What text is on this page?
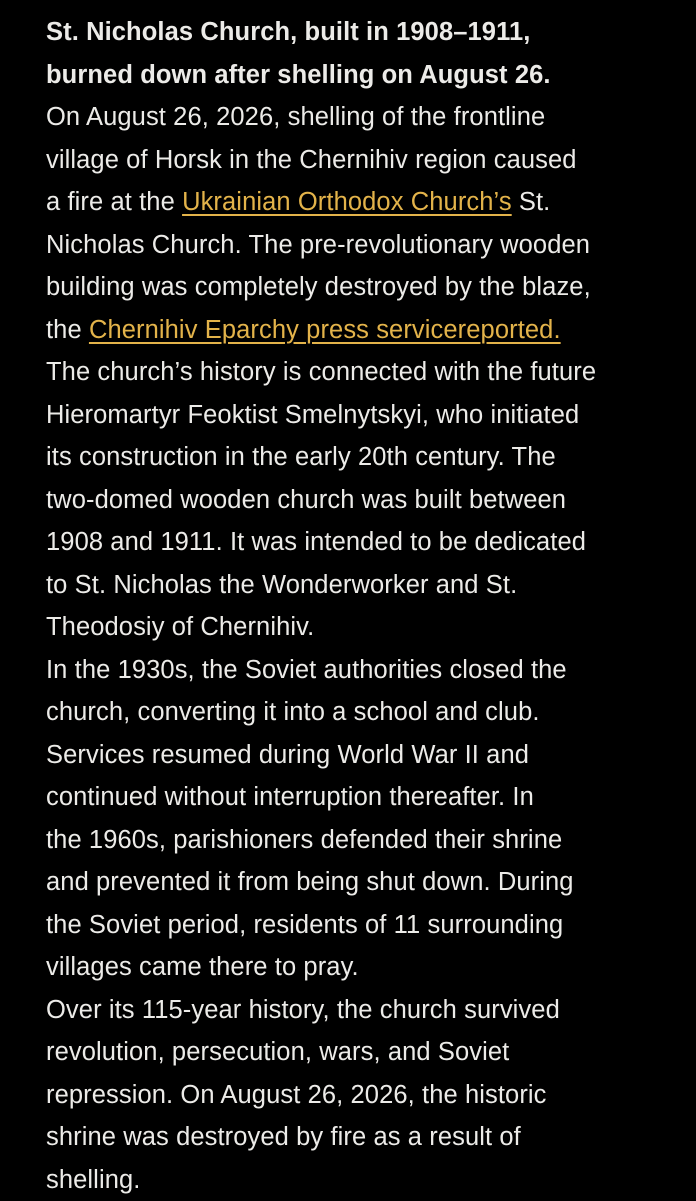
St. Nicholas Church, built in 1908–1911,
burned down after shelling on August 26.

On August 26, 2026, shelling of the frontline
village of Horsk in the Chernihiv region caused
a fire at the Ukrainian Orthodox Church’s St.
Nicholas Church. The pre-revolutionary wooden
building was completely destroyed by the blaze,
the Chernihiv Eparchy press servicereported.

The church’s history is connected with the future
Hieromartyr Feoktist Smelnytskyi, who initiated
its construction in the early 20th century. The
two-domed wooden church was built between
1908 and 1911. It was intended to be dedicated
to St. Nicholas the Wonderworker and St.
Theodosiy of Chernihiv.

In the 1930s, the Soviet authorities closed the
church, converting it into a school and club.
Services resumed during World War II and
continued without interruption thereafter. In
the 1960s, parishioners defended their shrine
and prevented it from being shut down. During
the Soviet period, residents of 11 surrounding
villages came there to pray.

Over its 115-year history, the church survived
revolution, persecution, wars, and Soviet
repression. On August 26, 2026, the historic
shrine was destroyed by fire as a result of
shelling.
